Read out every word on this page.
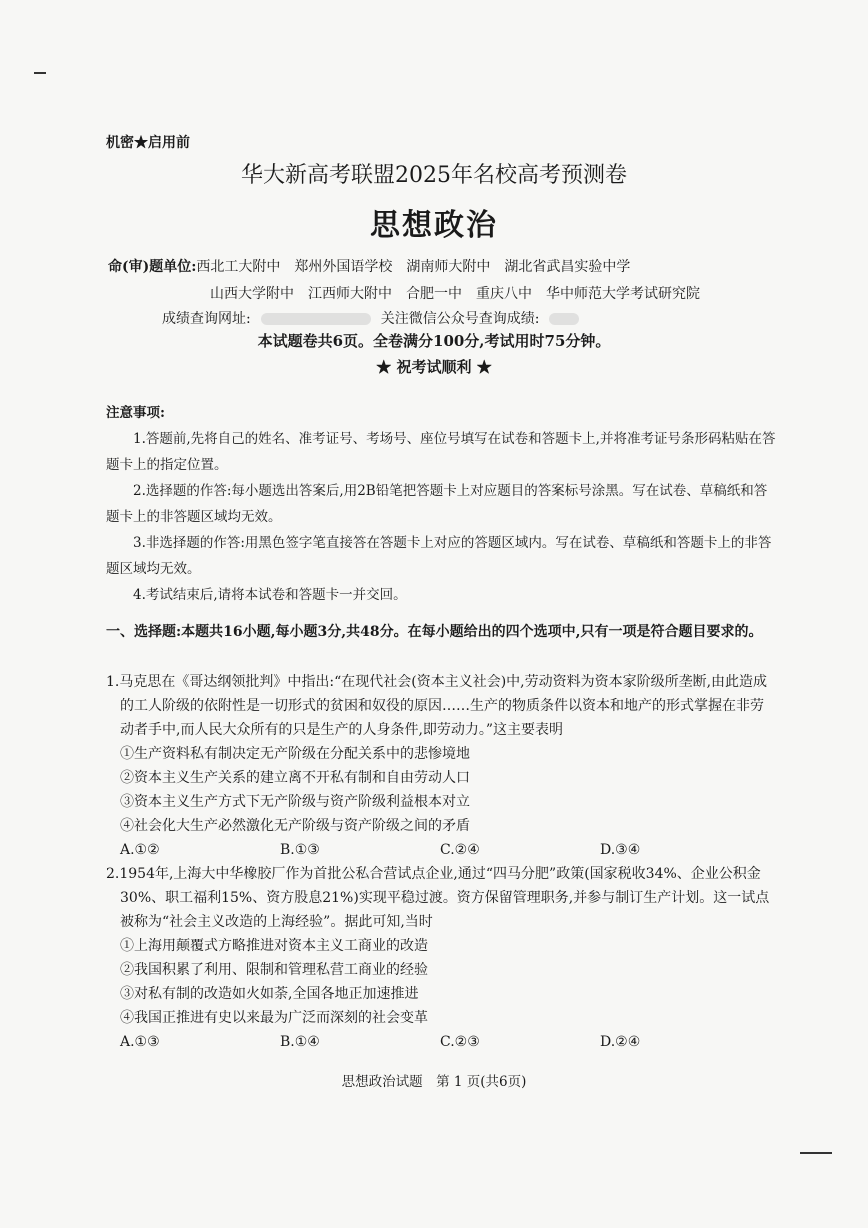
机密★启用前
华大新高考联盟2025年名校高考预测卷
思想政治
命(审)题单位:西北工大附中　郑州外国语学校　湖南师大附中　湖北省武昌实验中学
山西大学附中　江西师大附中　合肥一中　重庆八中　华中师范大学考试研究院
成绩查询网址:	关注微信公众号查询成绩:
本试题卷共6页。全卷满分100分,考试用时75分钟。
★ 祝考试顺利 ★
注意事项:

1.答题前,先将自己的姓名、准考证号、考场号、座位号填写在试卷和答题卡上,并将准考证号条形码粘贴在答题卡上的指定位置。

2.选择题的作答:每小题选出答案后,用2B铅笔把答题卡上对应题目的答案标号涂黑。写在试卷、草稿纸和答题卡上的非答题区域均无效。

3.非选择题的作答:用黑色签字笔直接答在答题卡上对应的答题区域内。写在试卷、草稿纸和答题卡上的非答题区域均无效。

4.考试结束后,请将本试卷和答题卡一并交回。

一、选择题:本题共16小题,每小题3分,共48分。在每小题给出的四个选项中,只有一项是符合题目要求的。

1.马克思在《哥达纲领批判》中指出:“在现代社会(资本主义社会)中,劳动资料为资本家阶级所垄断,由此造成的工人阶级的依附性是一切形式的贫困和奴役的原因……生产的物质条件以资本和地产的形式掌握在非劳动者手中,而人民大众所有的只是生产的人身条件,即劳动力。”这主要表明

①生产资料私有制决定无产阶级在分配关系中的悲惨境地

②资本主义生产关系的建立离不开私有制和自由劳动人口

③资本主义生产方式下无产阶级与资产阶级利益根本对立

④社会化大生产必然激化无产阶级与资产阶级之间的矛盾

A.①②	B.①③	C.②④	D.③④

2.1954年,上海大中华橡胶厂作为首批公私合营试点企业,通过“四马分肥”政策(国家税收34%、企业公积金30%、职工福利15%、资方股息21%)实现平稳过渡。资方保留管理职务,并参与制订生产计划。这一试点被称为“社会主义改造的上海经验”。据此可知,当时

①上海用颠覆式方略推进对资本主义工商业的改造

②我国积累了利用、限制和管理私营工商业的经验

③对私有制的改造如火如荼,全国各地正加速推进

④我国正推进有史以来最为广泛而深刻的社会变革

A.①③	B.①④	C.②③	D.②④
思想政治试题　第 1 页(共6页)
